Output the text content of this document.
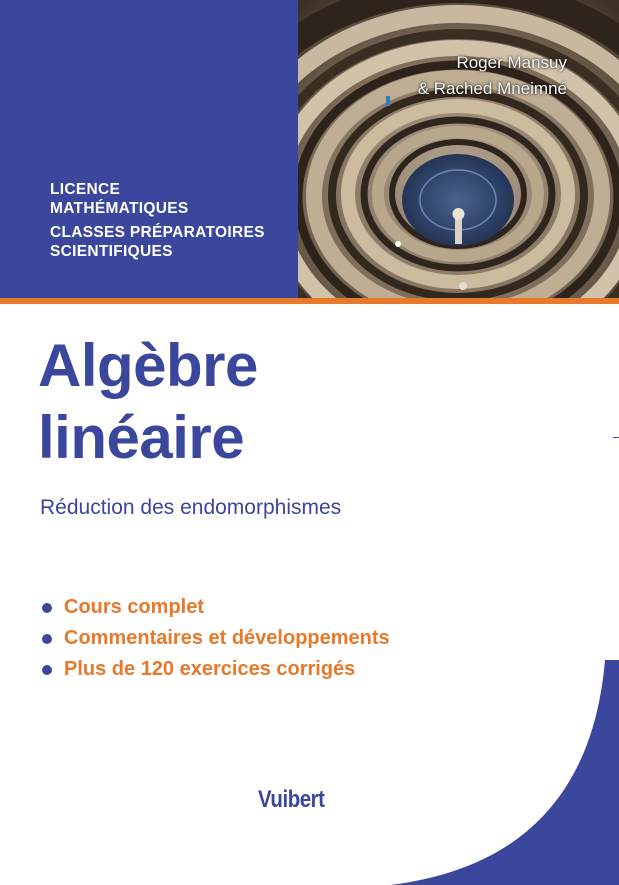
LICENCE
MATHÉMATIQUES
CLASSES PRÉPARATOIRES
SCIENTIFIQUES
Roger Mansuy
& Rached Mneimné
Algèbre
linéaire
Réduction des endomorphismes
Cours complet
Commentaires et développements
Plus de 120 exercices corrigés
Vuibert
